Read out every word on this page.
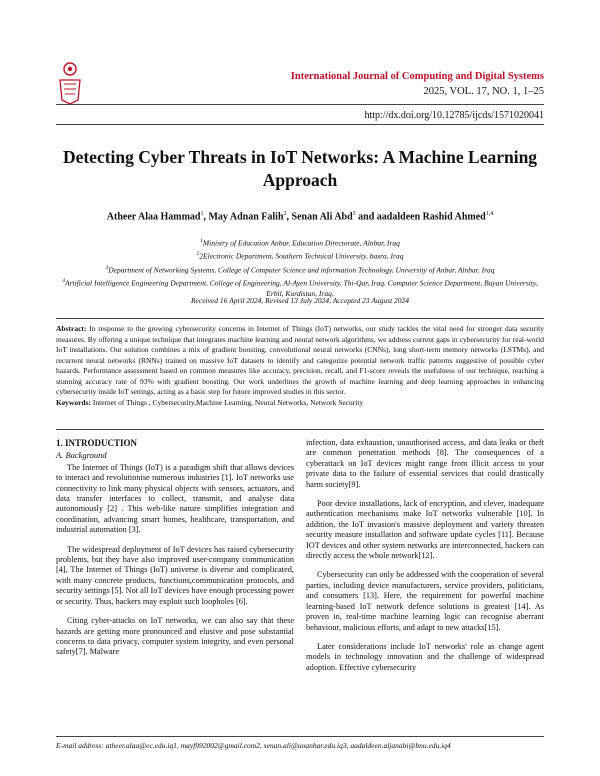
International Journal of Computing and Digital Systems
2025, VOL. 17, NO. 1, 1–25
http://dx.doi.org/10.12785/ijcds/1571020041
Detecting Cyber Threats in IoT Networks: A Machine Learning Approach
Atheer Alaa Hammad$^1$, May Adnan Falih$^2$, Senan Ali Abd$^3$ and aadaldeen Rashid Ahmed$^{1,4}$
$^1$Ministry of Education Anbar, Education Directorate, Alnbar, Iraq
$^2$2Electronic Department, Southern Technical University, basra, Iraq
$^3$Department of Networking Systems, College of Computer Science and information Technology, University of Anbar, Alnbar, Iraq
$^4$Artificial Intelligence Engineering Department, College of Engineering, Al-Ayen University, Thi-Qar, Iraq. Computer Science Department, Bayan University, Erbil, Kurdistan, Iraq,
Received 16 April 2024, Revised 13 July 2024, Accepted 23 August 2024
Abstract: In response to the growing cybersecurity concerns in Internet of Things (IoT) networks, our study tackles the vital need for stronger data security measures. By offering a unique technique that integrates machine learning and neural network algorithms, we address current gaps in cybersecurity for real-world IoT installations. Our solution combines a mix of gradient boosting, convolutional neural networks (CNNs), long short-term memory networks (LSTMs), and recurrent neural networks (RNNs) trained on massive IoT datasets to identify and categorize potential network traffic patterns suggestive of possible cyber hazards. Performance assessment based on common measures like accuracy, precision, recall, and F1-score reveals the usefulness of our technique, reaching a stunning accuracy rate of 93% with gradient boosting. Our work underlines the growth of machine learning and deep learning approaches in enhancing cybersecurity inside IoT settings, acting as a basic step for future improved studies in this sector.
Keywords: Internet of Things , Cybersecurity,Machine Learning, Neural Networks, Network Security
1. INTRODUCTION
A. Background

The Internet of Things (IoT) is a paradigm shift that allows devices to interact and revolutionise numerous industries [1]. IoT networks use connectivity to link many physical objects with sensors, actuators, and data transfer interfaces to collect, transmit, and analyse data autonomously [2] . This web-like nature simplifies integration and coordination, advancing smart homes, healthcare, transportation, and industrial automation [3].

The widespread deployment of IoT devices has raised cybersecurity problems, but they have also improved user-company communication [4]. The Internet of Things (IoT) universe is diverse and complicated, with many concrete products, functions,communication protocols, and security settings [5]. Not all IoT devices have enough processing power or security. Thus, hackers may exploit such loopholes [6].

Citing cyber-attacks on IoT networks, we can also say that these hazards are getting more pronounced and elusive and pose substantial concerns to data privacy, computer system integrity, and even personal safety[7]. Malware

infection, data exhaustion, unauthorised access, and data leaks or theft are common penetration methods [8]. The consequences of a cyberattack on IoT devices might range from illicit access to your private data to the failure of essential services that could drastically harm society[9].

Poor device installations, lack of encryption, and clever, inadequate authentication mechanisms make IoT networks vulnerable [10]. In addition, the IoT invasion's massive deployment and variety threaten security measure installation and software update cycles [11]. Because IOT devices and other system networks are interconnected, hackers can directly access the whole network[12].

Cybersecurity can only be addressed with the cooperation of several parties, including device manufacturers, service providers, politicians, and consumers [13]. Here, the requirement for powerful machine learning-based IoT network defence solutions is greatest [14]. As proven in, real-time machine learning logic can recognise aberrant behaviour, malicious efforts, and adapt to new attacks[15].

Later considerations include IoT networks' role as change agent models in technology innovation and the challenge of widespread adoption. Effective cybersecurity

E-mail address: atheer.alaa@ec.edu.iq1, mayf992002@gmail.com2, senan.ali@uoanbar.edu.iq3, aadaldeen.aljanabi@bnu.edu.iq4
